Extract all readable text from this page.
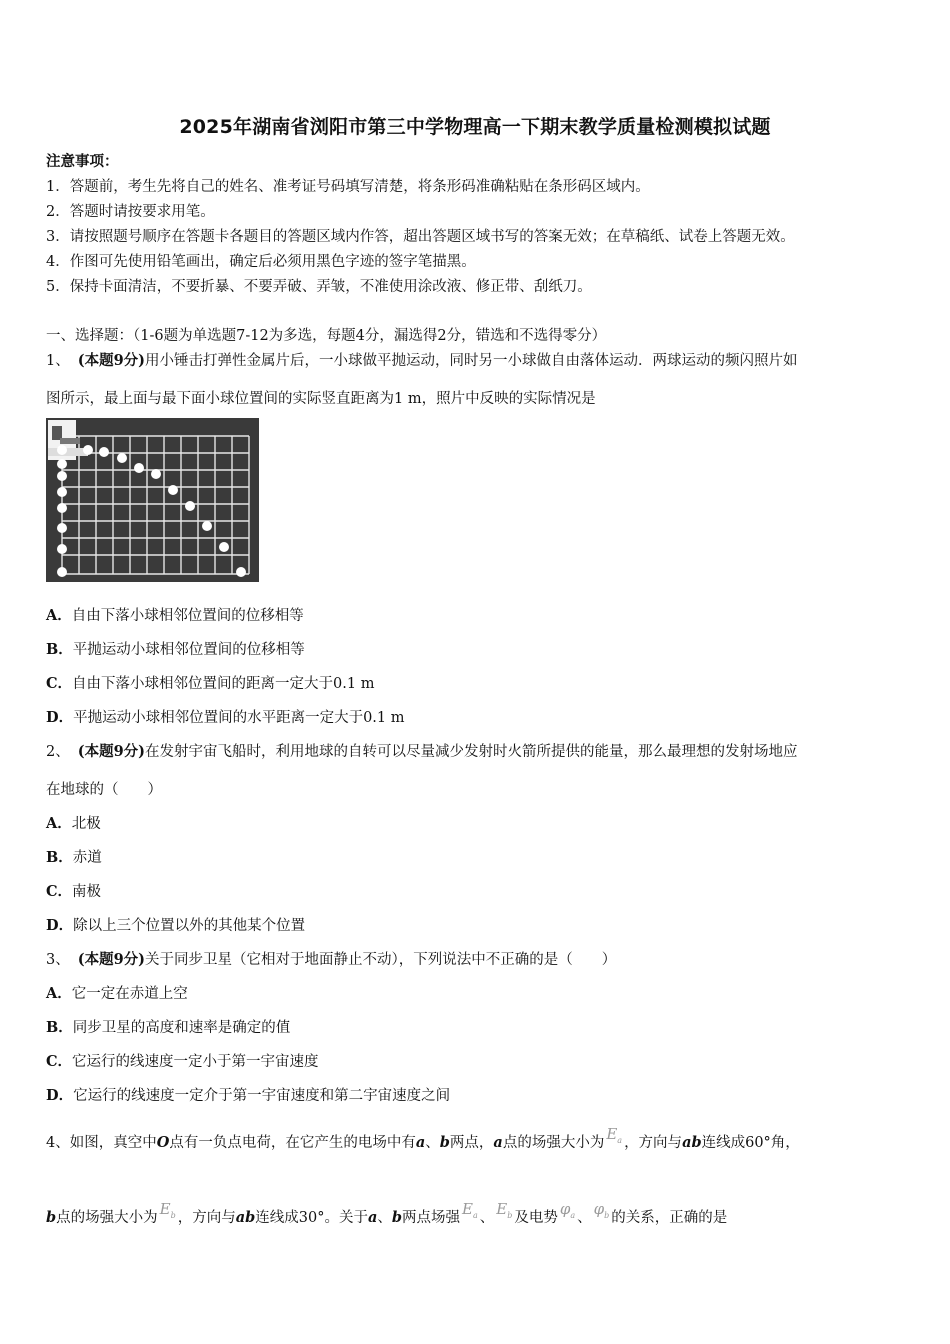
2025年湖南省浏阳市第三中学物理高一下期末教学质量检测模拟试题
注意事项：
1．答题前，考生先将自己的姓名、准考证号码填写清楚，将条形码准确粘贴在条形码区域内。
2．答题时请按要求用笔。
3．请按照题号顺序在答题卡各题目的答题区域内作答，超出答题区域书写的答案无效；在草稿纸、试卷上答题无效。
4．作图可先使用铅笔画出，确定后必须用黑色字迹的签字笔描黑。
5．保持卡面清洁，不要折暴、不要弄破、弄皱，不准使用涂改液、修正带、刮纸刀。
一、选择题：（1-6题为单选题7-12为多选，每题4分，漏选得2分，错选和不选得零分）
1、 (本题9分)用小锤击打弹性金属片后，一小球做平抛运动，同时另一小球做自由落体运动．两球运动的频闪照片如
图所示，最上面与最下面小球位置间的实际竖直距离为1 m，照片中反映的实际情况是
A．自由下落小球相邻位置间的位移相等
B．平抛运动小球相邻位置间的位移相等
C．自由下落小球相邻位置间的距离一定大于0.1 m
D．平抛运动小球相邻位置间的水平距离一定大于0.1 m
2、 (本题9分)在发射宇宙飞船时，利用地球的自转可以尽量减少发射时火箭所提供的能量，那么最理想的发射场地应
在地球的（　　）
A．北极
B．赤道
C．南极
D．除以上三个位置以外的其他某个位置
3、 (本题9分)关于同步卫星（它相对于地面静止不动），下列说法中不正确的是（　　）
A．它一定在赤道上空
B．同步卫星的高度和速率是确定的值
C．它运行的线速度一定小于第一宇宙速度
D．它运行的线速度一定介于第一宇宙速度和第二宇宙速度之间
4、如图，真空中O点有一负点电荷，在它产生的电场中有a、b两点，a点的场强大小为 $E_a$ ，方向与ab连线成60°角，
b点的场强大小为 $E_b$ ，方向与ab连线成30°。关于a、b两点场强 $E_a$ 、 $E_b$ 及电势 $\varphi_a$ 、 $\varphi_b$ 的关系，正确的是
